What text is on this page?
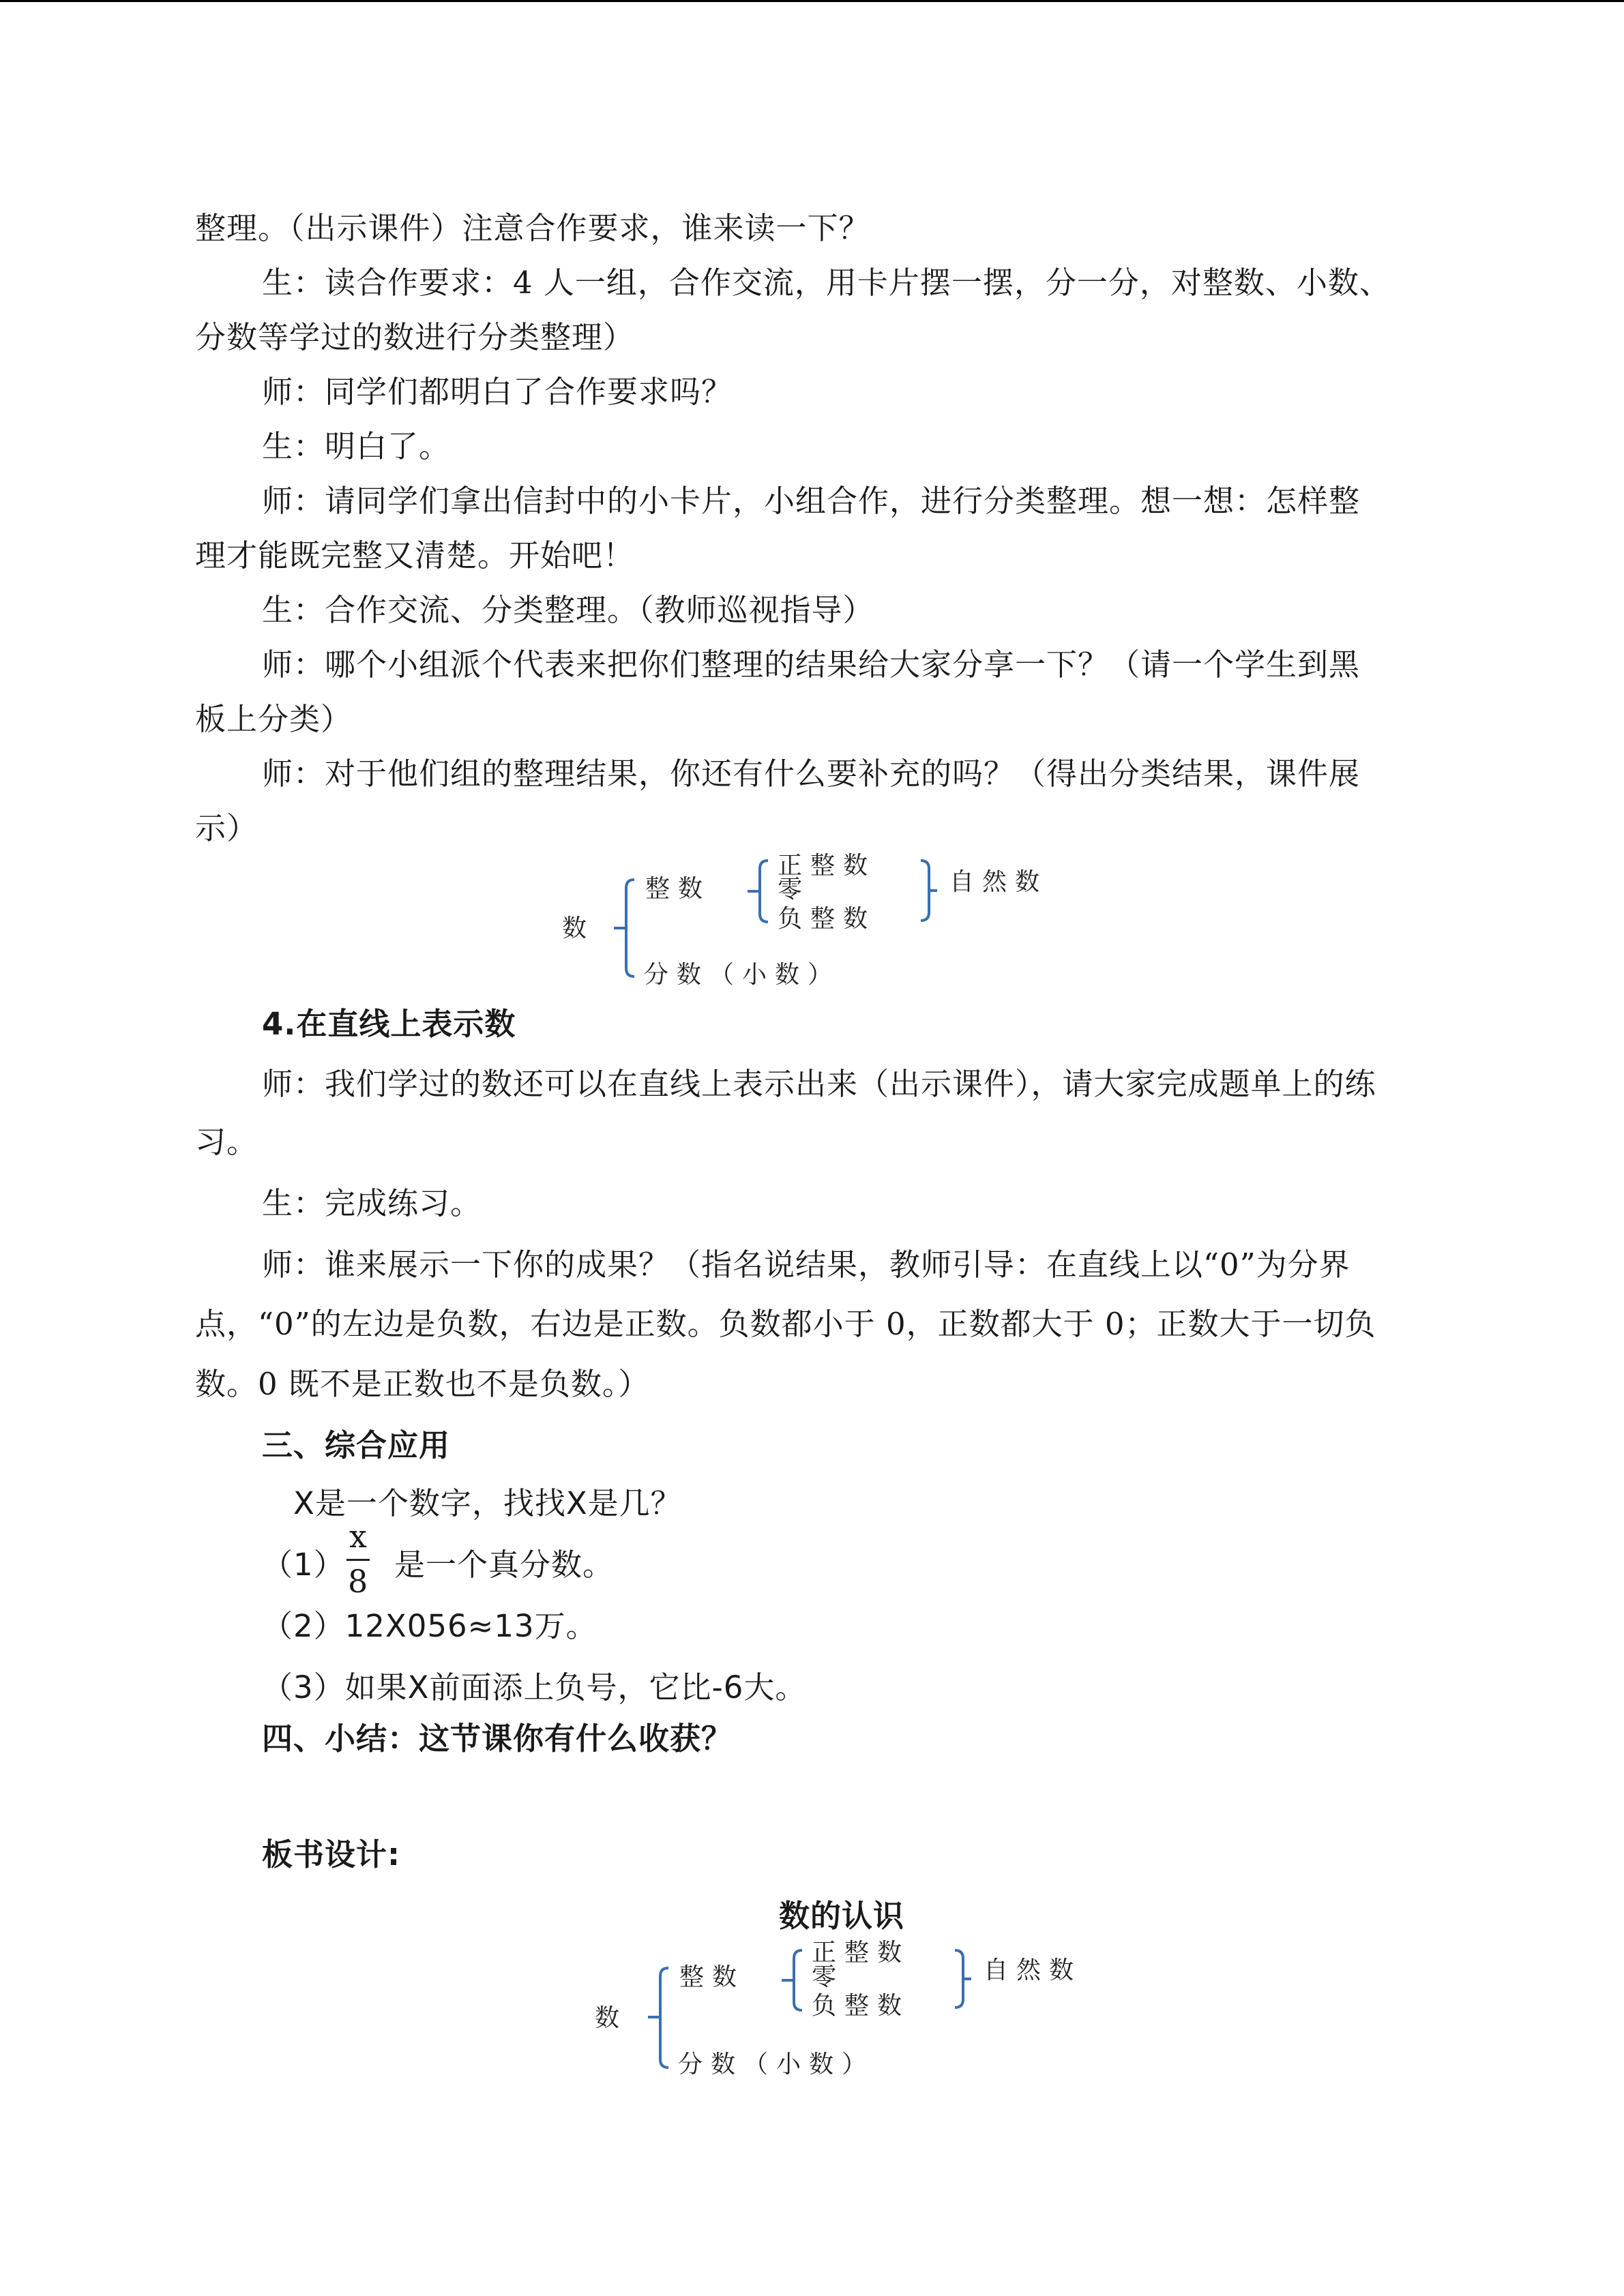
整理。（出示课件）注意合作要求，谁来读一下？
生：读合作要求：4 人一组，合作交流，用卡片摆一摆，分一分，对整数、小数、
分数等学过的数进行分类整理）
师：同学们都明白了合作要求吗？
生：明白了。
师：请同学们拿出信封中的小卡片，小组合作，进行分类整理。想一想：怎样整
理才能既完整又清楚。开始吧！
生：合作交流、分类整理。（教师巡视指导）
师：哪个小组派个代表来把你们整理的结果给大家分享一下？（请一个学生到黑
板上分类）
师：对于他们组的整理结果，你还有什么要补充的吗？（得出分类结果，课件展
示）
数
整数
正整数
零
负整数
自然数
分数（小数）
4.在直线上表示数
师：我们学过的数还可以在直线上表示出来（出示课件），请大家完成题单上的练
习。
生：完成练习。
师：谁来展示一下你的成果？（指名说结果，教师引导：在直线上以“0”为分界
点，“0”的左边是负数，右边是正数。负数都小于 0，正数都大于 0；正数大于一切负
数。0 既不是正数也不是负数。）
三、综合应用
X是一个数字，找找X是几？
（1）
x
8 是一个真分数。
（2）12X056≈13万。
（3）如果X前面添上负号，它比-6大。
四、小结：这节课你有什么收获？
板书设计:
数的认识
数
整数
正整数
零
负整数
自然数
分数（小数）
